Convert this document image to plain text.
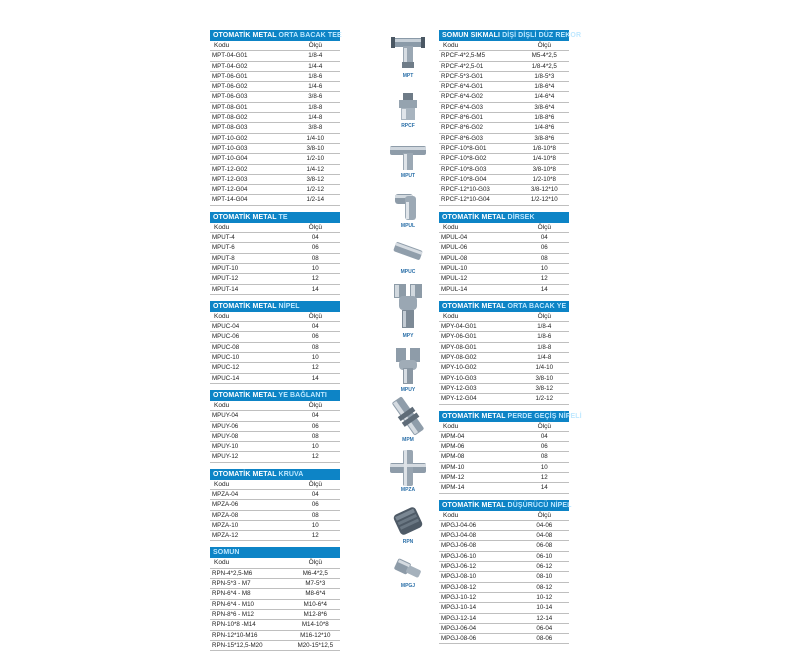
OTOMATİK METAL ORTA BACAK TEE
Kodu	Ölçü
MPT-04-G01	1/8-4
MPT-04-G02	1/4-4
MPT-06-G01	1/8-6
MPT-06-G02	1/4-6
MPT-06-G03	3/8-6
MPT-08-G01	1/8-8
MPT-08-G02	1/4-8
MPT-08-G03	3/8-8
MPT-10-G02	1/4-10
MPT-10-G03	3/8-10
MPT-10-G04	1/2-10
MPT-12-G02	1/4-12
MPT-12-G03	3/8-12
MPT-12-G04	1/2-12
MPT-14-G04	1/2-14
OTOMATİK METAL TE
Kodu	Ölçü
MPUT-4	04
MPUT-6	06
MPUT-8	08
MPUT-10	10
MPUT-12	12
MPUT-14	14
OTOMATİK METAL NİPEL
Kodu	Ölçü
MPUC-04	04
MPUC-06	06
MPUC-08	08
MPUC-10	10
MPUC-12	12
MPUC-14	14
OTOMATİK METAL YE BAĞLANTI
Kodu	Ölçü
MPUY-04	04
MPUY-06	06
MPUY-08	08
MPUY-10	10
MPUY-12	12
OTOMATİK METAL KRUVA
Kodu	Ölçü
MPZA-04	04
MPZA-06	06
MPZA-08	08
MPZA-10	10
MPZA-12	12
SOMUN
Kodu	Ölçü
RPN-4*2,5-M6	M6-4*2,5
RPN-5*3 - M7	M7-5*3
RPN-6*4 - M8	M8-6*4
RPN-6*4 - M10	M10-6*4
RPN-8*6 - M12	M12-8*6
RPN-10*8 -M14	M14-10*8
RPN-12*10-M16	M16-12*10
RPN-15*12,5-M20	M20-15*12,5
SOMUN SIKMALI DİŞİ DİŞLİ DÜZ REKOR
Kodu	Ölçü
RPCF-4*2,5-M5	M5-4*2,5
RPCF-4*2,5-01	1/8-4*2,5
RPCF-5*3-G01	1/8-5*3
RPCF-6*4-G01	1/8-6*4
RPCF-6*4-G02	1/4-6*4
RPCF-6*4-G03	3/8-6*4
RPCF-8*6-G01	1/8-8*6
RPCF-8*6-G02	1/4-8*6
RPCF-8*6-G03	3/8-8*6
RPCF-10*8-G01	1/8-10*8
RPCF-10*8-G02	1/4-10*8
RPCF-10*8-G03	3/8-10*8
RPCF-10*8-G04	1/2-10*8
RPCF-12*10-G03	3/8-12*10
RPCF-12*10-G04	1/2-12*10
OTOMATİK METAL DİRSEK
Kodu	Ölçü
MPUL-04	04
MPUL-06	06
MPUL-08	08
MPUL-10	10
MPUL-12	12
MPUL-14	14
OTOMATİK METAL ORTA BACAK YE
Kodu	Ölçü
MPY-04-G01	1/8-4
MPY-06-G01	1/8-6
MPY-08-G01	1/8-8
MPY-08-G02	1/4-8
MPY-10-G02	1/4-10
MPY-10-G03	3/8-10
MPY-12-G03	3/8-12
MPY-12-G04	1/2-12
OTOMATİK METAL PERDE GEÇİŞ NİPELİ
Kodu	Ölçü
MPM-04	04
MPM-06	06
MPM-08	08
MPM-10	10
MPM-12	12
MPM-14	14
OTOMATİK METAL DÜŞÜRÜCÜ NİPEL
Kodu	Ölçü
MPGJ-04-06	04-06
MPGJ-04-08	04-08
MPGJ-06-08	06-08
MPGJ-06-10	06-10
MPGJ-06-12	06-12
MPGJ-08-10	08-10
MPGJ-08-12	08-12
MPGJ-10-12	10-12
MPGJ-10-14	10-14
MPGJ-12-14	12-14
MPGJ-06-04	06-04
MPGJ-08-06	08-06
MPT
RPCF
MPUT
MPUL
MPUC
MPY
MPUY
MPM
MPZA
RPN
MPGJ
